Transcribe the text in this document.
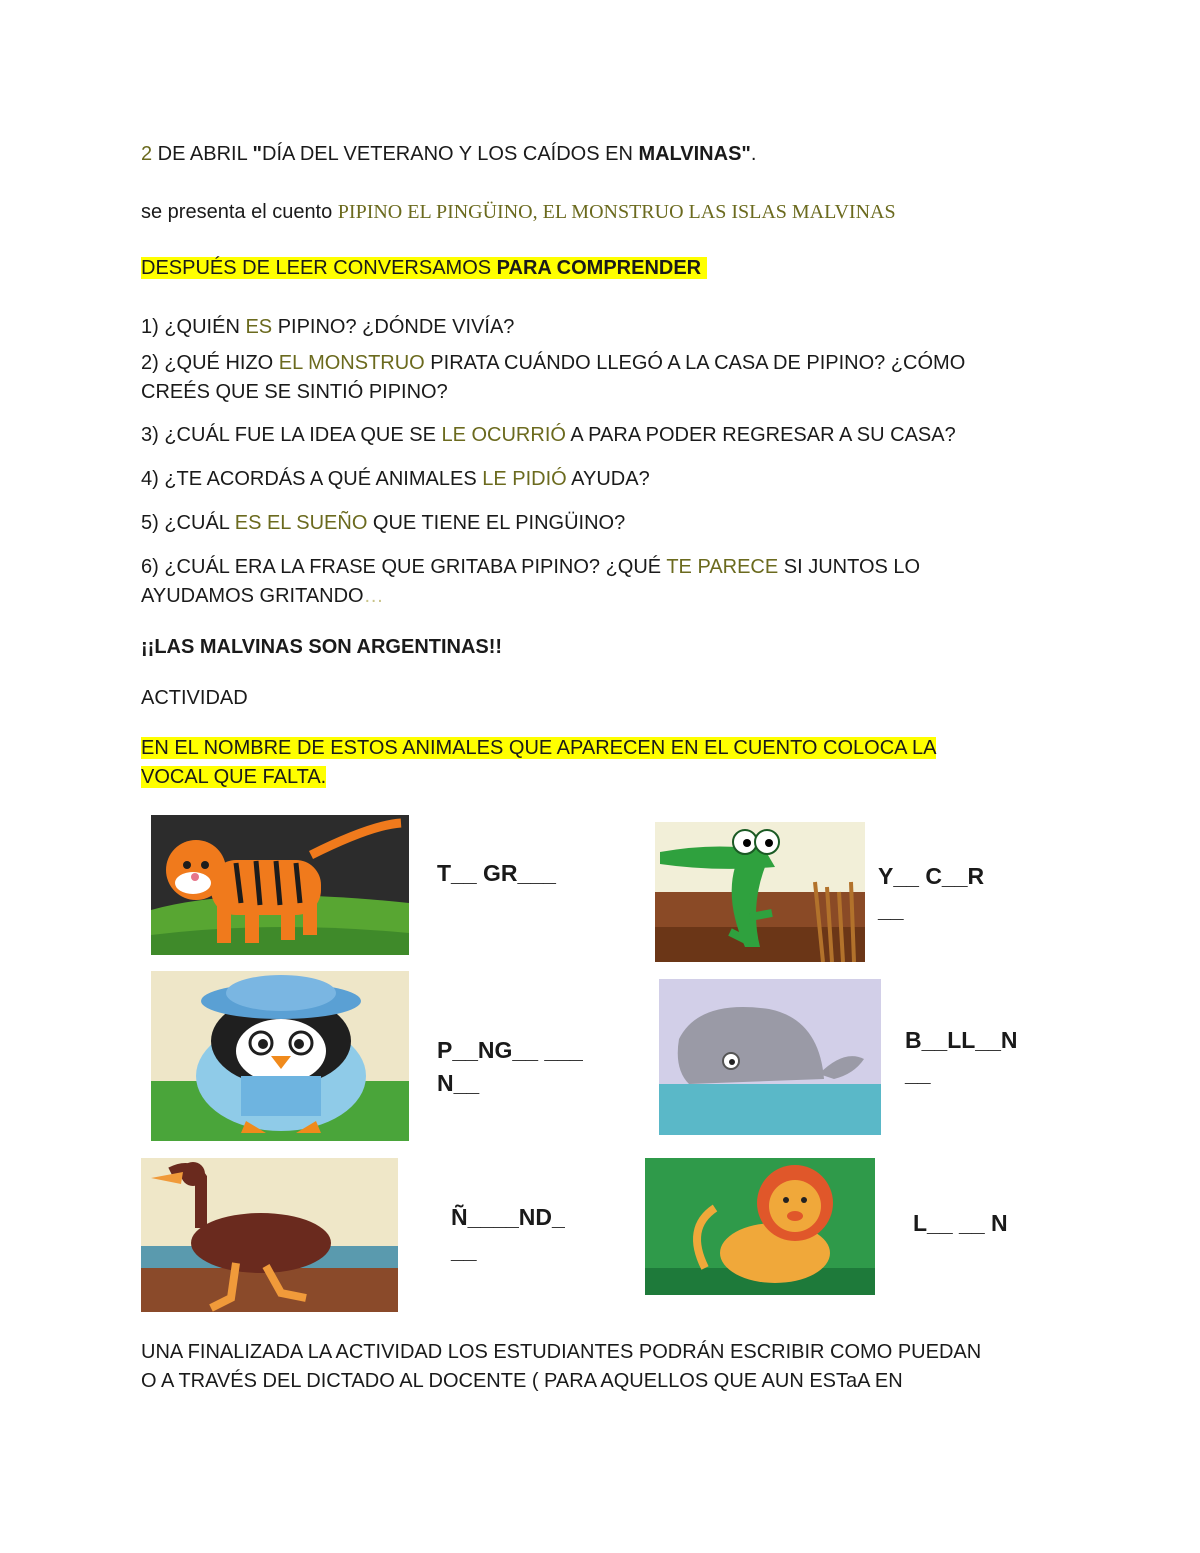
2 DE ABRIL "DÍA DEL VETERANO Y LOS CAÍDOS EN MALVINAS".
se presenta el cuento PIPINO EL PINGÜINO, EL MONSTRUO LAS ISLAS MALVINAS
DESPUÉS DE LEER CONVERSAMOS PARA COMPRENDER
1) ¿QUIÉN ES PIPINO? ¿DÓNDE VIVÍA?
2) ¿QUÉ HIZO EL MONSTRUO PIRATA CUÁNDO LLEGÓ A LA CASA DE PIPINO? ¿CÓMO
CREÉS QUE SE SINTIÓ PIPINO?
3) ¿CUÁL FUE LA IDEA QUE SE LE OCURRIÓ A PARA PODER REGRESAR A SU CASA?
4) ¿TE ACORDÁS A QUÉ ANIMALES LE PIDIÓ AYUDA?
5) ¿CUÁL ES EL SUEÑO QUE TIENE EL PINGÜINO?
6) ¿CUÁL ERA LA FRASE QUE GRITABA PIPINO? ¿QUÉ TE PARECE SI JUNTOS LO
AYUDAMOS GRITANDO…
¡¡LAS MALVINAS SON ARGENTINAS!!
ACTIVIDAD
EN EL NOMBRE DE ESTOS ANIMALES QUE APARECEN EN EL CUENTO COLOCA LA
VOCAL QUE FALTA.
T__ GR___	Y__ C__R
__
P__NG__ ___
N__
B__LL__N
__
Ñ____ND_
__
L__ __ N
UNA FINALIZADA LA ACTIVIDAD LOS ESTUDIANTES PODRÁN ESCRIBIR COMO PUEDAN
O A TRAVÉS DEL DICTADO AL DOCENTE ( PARA AQUELLOS QUE AUN ESTaA EN
